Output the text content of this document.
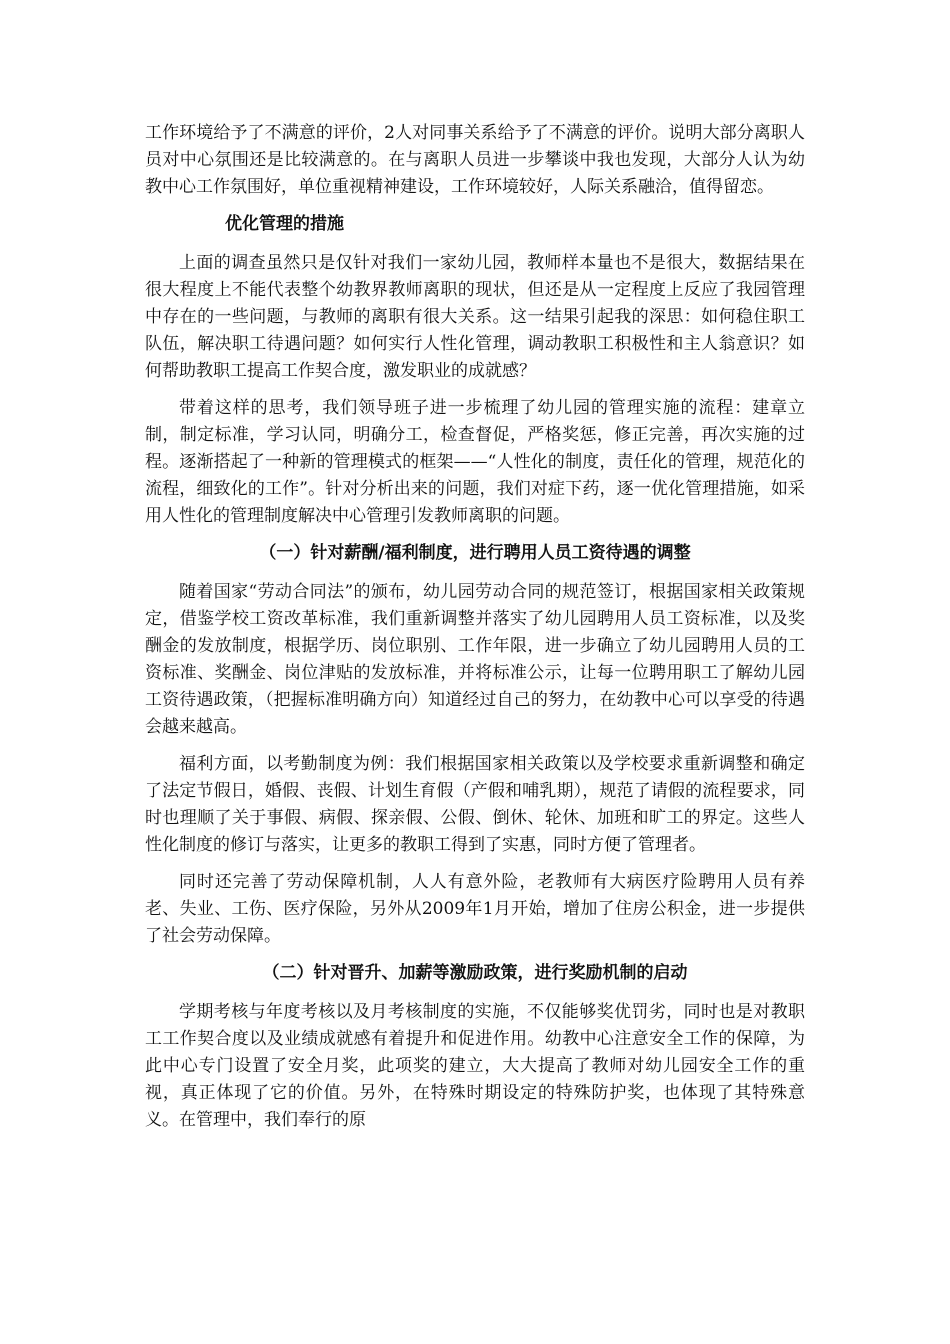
工作环境给予了不满意的评价，2人对同事关系给予了不满意的评价。说明大部分离职人员对中心氛围还是比较满意的。在与离职人员进一步攀谈中我也发现，大部分人认为幼教中心工作氛围好，单位重视精神建设，工作环境较好，人际关系融洽，值得留恋。

优化管理的措施

上面的调查虽然只是仅针对我们一家幼儿园，教师样本量也不是很大，数据结果在很大程度上不能代表整个幼教界教师离职的现状，但还是从一定程度上反应了我园管理中存在的一些问题，与教师的离职有很大关系。这一结果引起我的深思：如何稳住职工队伍，解决职工待遇问题？如何实行人性化管理，调动教职工积极性和主人翁意识？如何帮助教职工提高工作契合度，激发职业的成就感？

带着这样的思考，我们领导班子进一步梳理了幼儿园的管理实施的流程：建章立制，制定标准，学习认同，明确分工，检查督促，严格奖惩，修正完善，再次实施的过程。逐渐搭起了一种新的管理模式的框架——“人性化的制度，责任化的管理，规范化的流程，细致化的工作”。针对分析出来的问题，我们对症下药，逐一优化管理措施，如采用人性化的管理制度解决中心管理引发教师离职的问题。

（一）针对薪酬/福利制度，进行聘用人员工资待遇的调整

随着国家“劳动合同法”的颁布，幼儿园劳动合同的规范签订，根据国家相关政策规定，借鉴学校工资改革标准，我们重新调整并落实了幼儿园聘用人员工资标准，以及奖酬金的发放制度，根据学历、岗位职别、工作年限，进一步确立了幼儿园聘用人员的工资标准、奖酬金、岗位津贴的发放标准，并将标准公示，让每一位聘用职工了解幼儿园工资待遇政策，（把握标准明确方向）知道经过自己的努力，在幼教中心可以享受的待遇会越来越高。

福利方面，以考勤制度为例：我们根据国家相关政策以及学校要求重新调整和确定了法定节假日，婚假、丧假、计划生育假（产假和哺乳期），规范了请假的流程要求，同时也理顺了关于事假、病假、探亲假、公假、倒休、轮休、加班和旷工的界定。这些人性化制度的修订与落实，让更多的教职工得到了实惠，同时方便了管理者。

同时还完善了劳动保障机制，人人有意外险，老教师有大病医疗险聘用人员有养老、失业、工伤、医疗保险，另外从2009年1月开始，增加了住房公积金，进一步提供了社会劳动保障。

（二）针对晋升、加薪等激励政策，进行奖励机制的启动

学期考核与年度考核以及月考核制度的实施，不仅能够奖优罚劣，同时也是对教职工工作契合度以及业绩成就感有着提升和促进作用。幼教中心注意安全工作的保障，为此中心专门设置了安全月奖，此项奖的建立，大大提高了教师对幼儿园安全工作的重视，真正体现了它的价值。另外，在特殊时期设定的特殊防护奖，也体现了其特殊意义。在管理中，我们奉行的原
